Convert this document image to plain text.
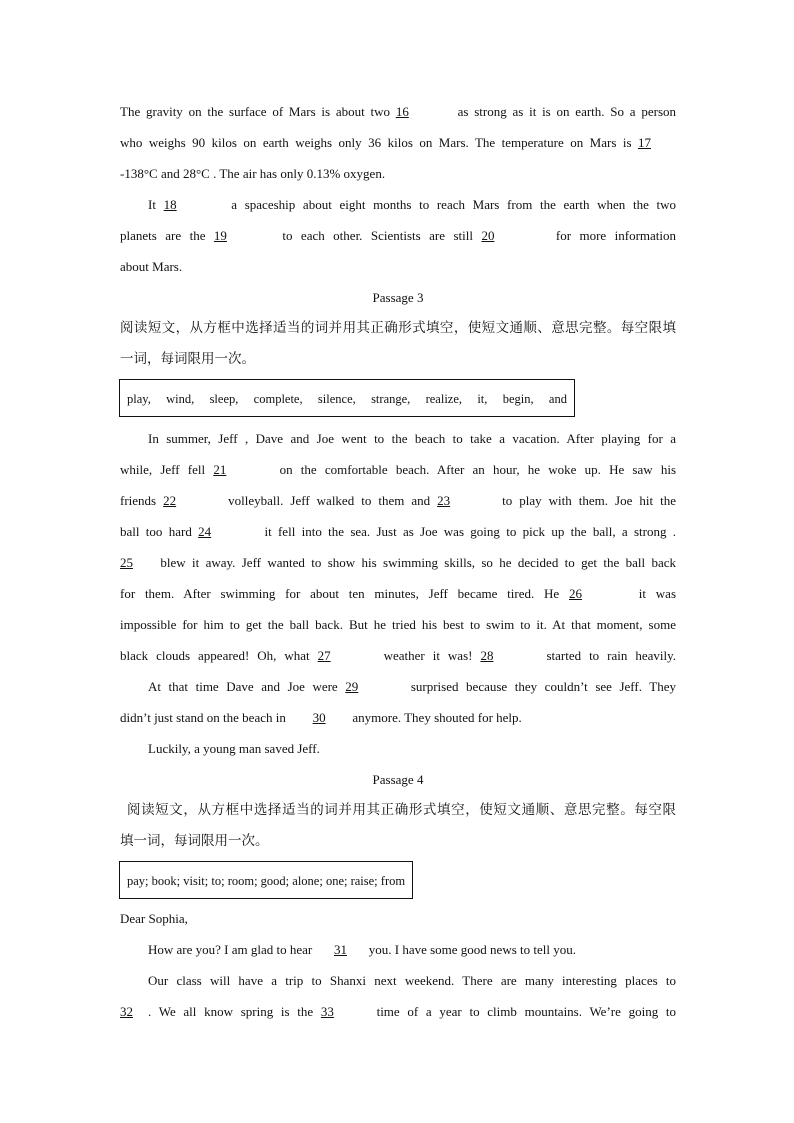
The gravity on the surface of Mars is about two 16	as strong as it is on earth. So a person
who weighs 90 kilos on earth weighs only 36 kilos on Mars. The temperature on Mars is 17
-138°C and 28°C . The air has only 0.13% oxygen.
It 18	a spaceship about eight months to reach Mars from the earth when the two
planets are the 19	to each other. Scientists are still 20	for more information
about Mars.
Passage 3
阅读短文，从方框中选择适当的词并用其正确形式填空，使短文通顺、意思完整。每空限填
一词，每词限用一次。
play, wind, sleep, complete, silence, strange, realize, it, begin, and
In summer, Jeff , Dave and Joe went to the beach to take a vacation. After playing for a
while, Jeff fell 21	on the comfortable beach. After an hour, he woke up. He saw his
friends 22	volleyball. Jeff walked to them and 23	to play with them. Joe hit the
ball too hard 24	it fell into the sea. Just as Joe was going to pick up the ball, a strong .
25 blew it away. Jeff wanted to show his swimming skills, so he decided to get the ball back
for them. After swimming for about ten minutes, Jeff became tired. He 26	it was
impossible for him to get the ball back. But he tried his best to swim to it. At that moment, some
black clouds appeared! Oh, what 27	weather it was! 28	started to rain heavily.
At that time Dave and Joe were 29	surprised because they couldn’t see Jeff. They
didn’t just stand on the beach in 30 anymore. They shouted for help.
Luckily, a young man saved Jeff.
Passage 4
阅读短文，从方框中选择适当的词并用其正确形式填空，使短文通顺、意思完整。每空限
填一词，每词限用一次。
pay; book; visit; to; room; good; alone; one; raise; from
Dear Sophia,
How are you? I am glad to hear 31 you. I have some good news to tell you.
Our class will have a trip to Shanxi next weekend. There are many interesting places to
32 . We all know spring is the 33	time of a year to climb mountains. We’re going to
